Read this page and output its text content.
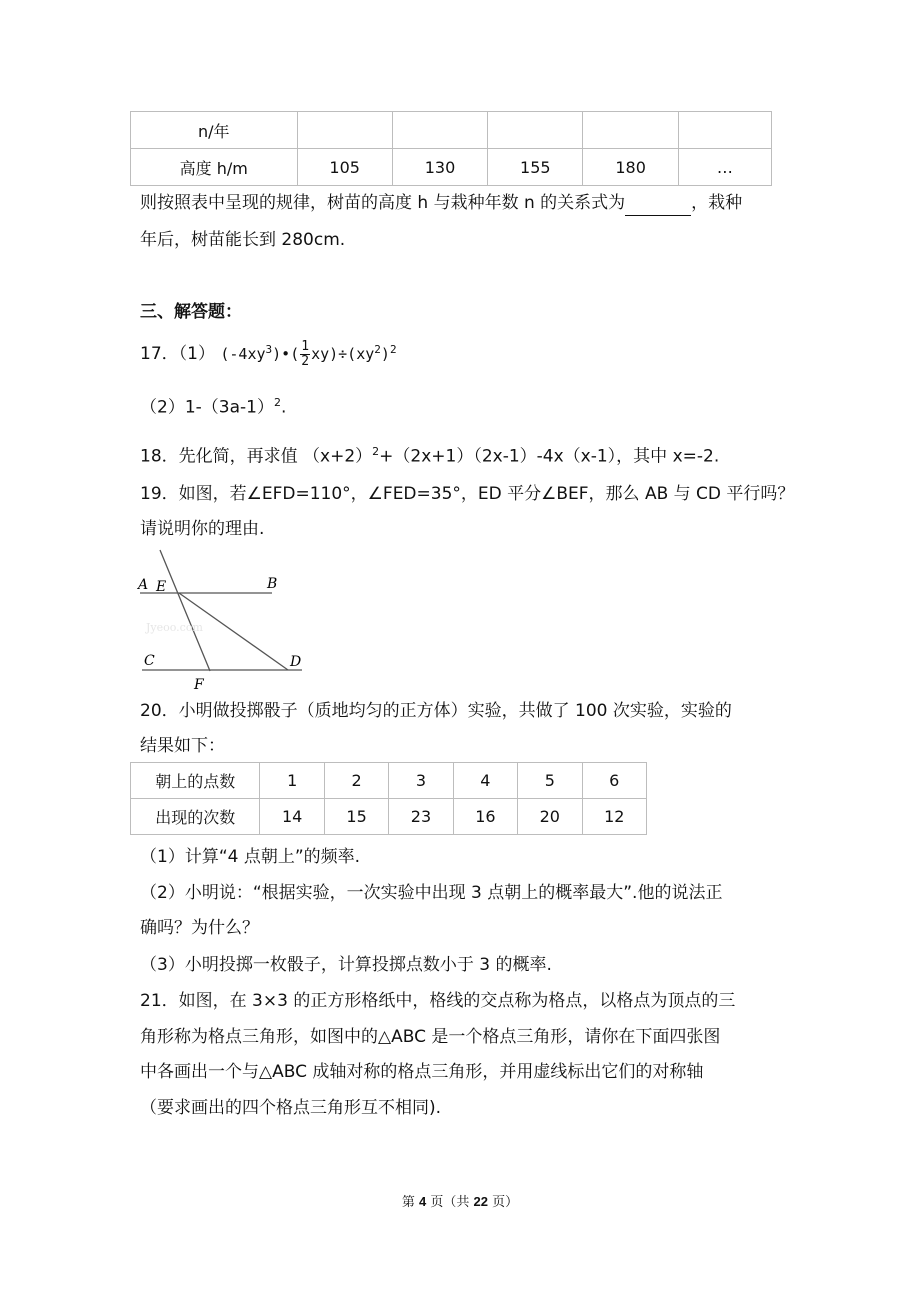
n/年					
高度 h/m	105	130	155	180	…
则按照表中呈现的规律，树苗的高度 h 与栽种年数 n 的关系式为	，栽种
年后，树苗能长到 280cm.
三、解答题：
17．（1） $(-4xy^3)•( \frac{1}{2} xy)\div(xy^2)^2$
$(2)1-(3a-1)^2$.
18．先化简，再求值 $(x+2)^2+(2x+1)(2x-1)-4x(x-1)$，其中 x=-2.
19．如图，若∠EFD=110°，∠FED=35°，ED 平分∠BEF，那么 AB 与 CD 平行吗？
请说明你的理由.
A E	B
C	D
F
Jyeoo.com
20．小明做投掷骰子（质地均匀的正方体）实验，共做了 100 次实验，实验的
结果如下：
朝上的点数	1	2	3	4	5	6
出现的次数	14	15	23	16	20	12
（1）计算“4 点朝上”的频率.
（2）小明说：“根据实验，一次实验中出现 3 点朝上的概率最大”.他的说法正
确吗？为什么？
（3）小明投掷一枚骰子，计算投掷点数小于 3 的概率.
21．如图，在 3×3 的正方形格纸中，格线的交点称为格点，以格点为顶点的三
角形称为格点三角形，如图中的△ABC 是一个格点三角形，请你在下面四张图
中各画出一个与△ABC 成轴对称的格点三角形，并用虚线标出它们的对称轴
（要求画出的四个格点三角形互不相同).
第 4 页（共 22 页）
